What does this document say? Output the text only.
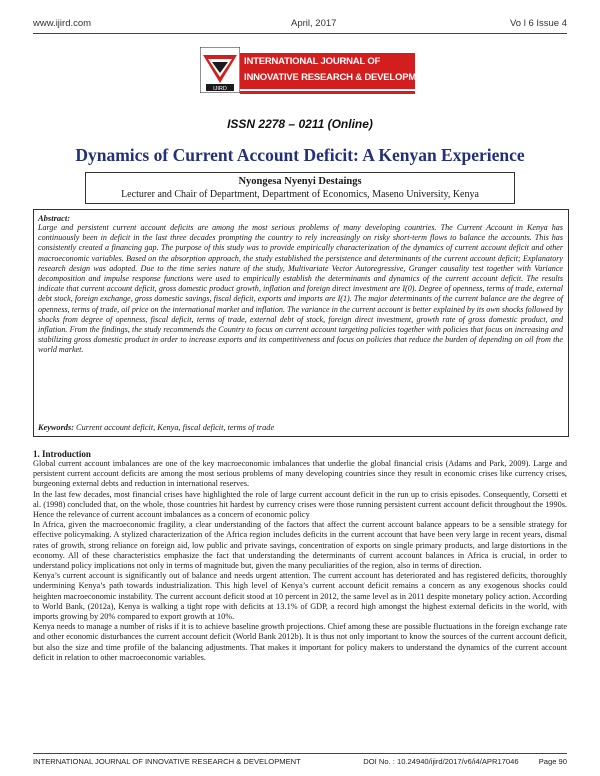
www.ijird.com	April, 2017	Vo l 6 Issue 4
IJIRD
INTERNATIONAL JOURNAL OF
INNOVATIVE RESEARCH & DEVELOPMENT
ISSN 2278 – 0211 (Online)
Dynamics of Current Account Deficit: A Kenyan Experience
Nyongesa Nyenyi Destaings
Lecturer and Chair of Department, Department of Economics, Maseno University, Kenya
Abstract:
Large and persistent current account deficits are among the most serious problems of many developing countries. The Current Account in Kenya has continuously been in deficit in the last three decades prompting the country to rely increasingly on risky short-term flows to balance the accounts. This has consistently created a financing gap. The purpose of this study was to provide empirically characterization of the dynamics of current account deficit and other macroeconomic variables. Based on the absorption approach, the study established the persistence and determinants of the current account deficit; Explanatory research design was adopted. Due to the time series nature of the study, Multivariate Vector Autoregressive, Granger causality test together with Variance decomposition and impulse response functions were used to empirically establish the determinants and dynamics of the current account deficit. The results indicate that current account deficit, gross domestic product growth, inflation and foreign direct investment are I(0). Degree of openness, terms of trade, external debt stock, foreign exchange, gross domestic savings, fiscal deficit, exports and imports are I(1). The major determinants of the current balance are the degree of openness, terms of trade, oil price on the international market and inflation. The variance in the current account is better explained by its own shocks followed by shocks from degree of openness, fiscal deficit, terms of trade, external debt of stock, foreign direct investment, growth rate of gross domestic product, and inflation. From the findings, the study recommends the Country to focus on current account targeting policies together with policies that focus on increasing and stabilizing gross domestic product in order to increase exports and its competitiveness and focus on policies that reduce the burden of depending on oil from the world market.
Keywords: Current account deficit, Kenya, fiscal deficit, terms of trade
1. Introduction

Global current account imbalances are one of the key macroeconomic imbalances that underlie the global financial crisis (Adams and Park, 2009). Large and persistent current account deficits are among the most serious problems of many developing countries since they result in economic crises like currency crises, burgeoning external debts and reduction in international reserves.

In the last few decades, most financial crises have highlighted the role of large current account deficit in the run up to crisis episodes. Consequently, Corsetti et al. (1998) concluded that, on the whole, those countries hit hardest by currency crises were those running persistent current account deficit throughout the 1990s. Hence the relevance of current account imbalances as a concern of economic policy

In Africa, given the macroeconomic fragility, a clear understanding of the factors that affect the current account balance appears to be a sensible strategy for effective policymaking. A stylized characterization of the Africa region includes deficits in the current account that have been very large in recent years, dismal rates of growth, strong reliance on foreign aid, low public and private savings, concentration of exports on single primary products, and large distortions in the economy. All of these characteristics emphasize the fact that understanding the determinants of current account balances in Africa is crucial, in order to understand policy implications not only in terms of magnitude but, given the many peculiarities of the region, also in terms of direction.

Kenya’s current account is significantly out of balance and needs urgent attention. The current account has deteriorated and has registered deficits, thoroughly undermining Kenya’s path towards industrialization. This high level of Kenya’s current account deficit remains a concern as any exogenous shocks could heighten macroeconomic instability. The current account deficit stood at 10 percent in 2012, the same level as in 2011 despite monetary policy action. According to World Bank, (2012a), Kenya is walking a tight rope with deficits at 13.1% of GDP, a record high amongst the highest external deficits in the world, with imports growing by 20% compared to export growth at 10%.

Kenya needs to manage a number of risks if it is to achieve baseline growth projections. Chief among these are possible fluctuations in the foreign exchange rate and other economic disturbances the current account deficit (World Bank 2012b). It is thus not only important to know the sources of the current account deficit, but also the size and time profile of the balancing adjustments. That makes it important for policy makers to understand the dynamics of the current account deficit in relation to other macroeconomic variables.

INTERNATIONAL JOURNAL OF INNOVATIVE RESEARCH & DEVELOPMENT	DOI No. : 10.24940/ijird/2017/v6/i4/APR17046	Page 90
